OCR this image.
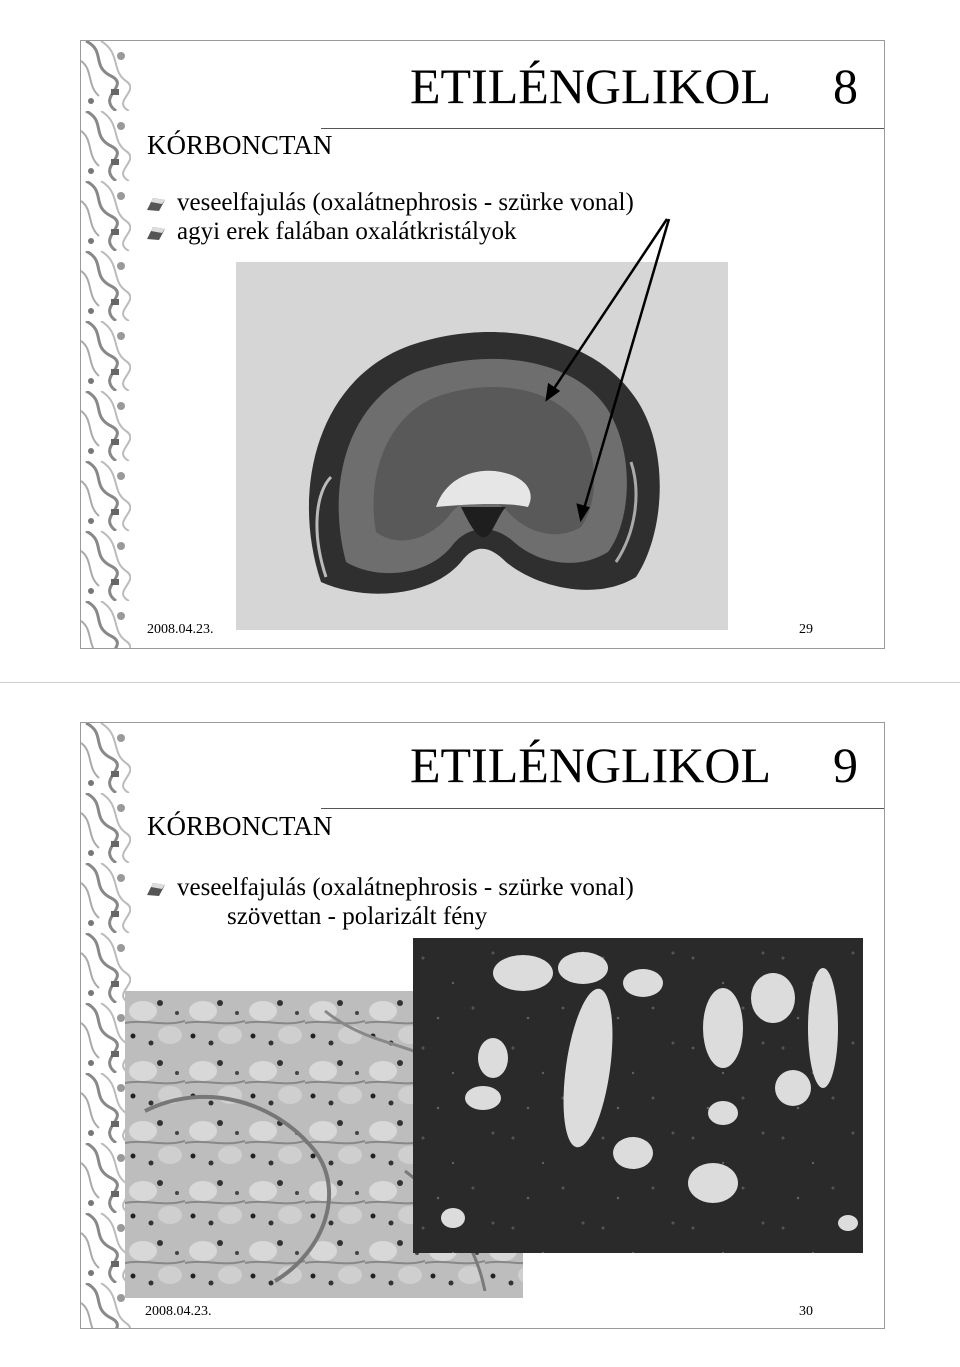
ETILÉNGLIKOL 8
KÓRBONCTAN
veseelfajulás (oxalátnephrosis - szürke vonal)
agyi erek falában oxalátkristályok
2008.04.23.	29
ETILÉNGLIKOL 9
KÓRBONCTAN
veseelfajulás (oxalátnephrosis - szürke vonal)
szövettan - polarizált fény
2008.04.23.	30
